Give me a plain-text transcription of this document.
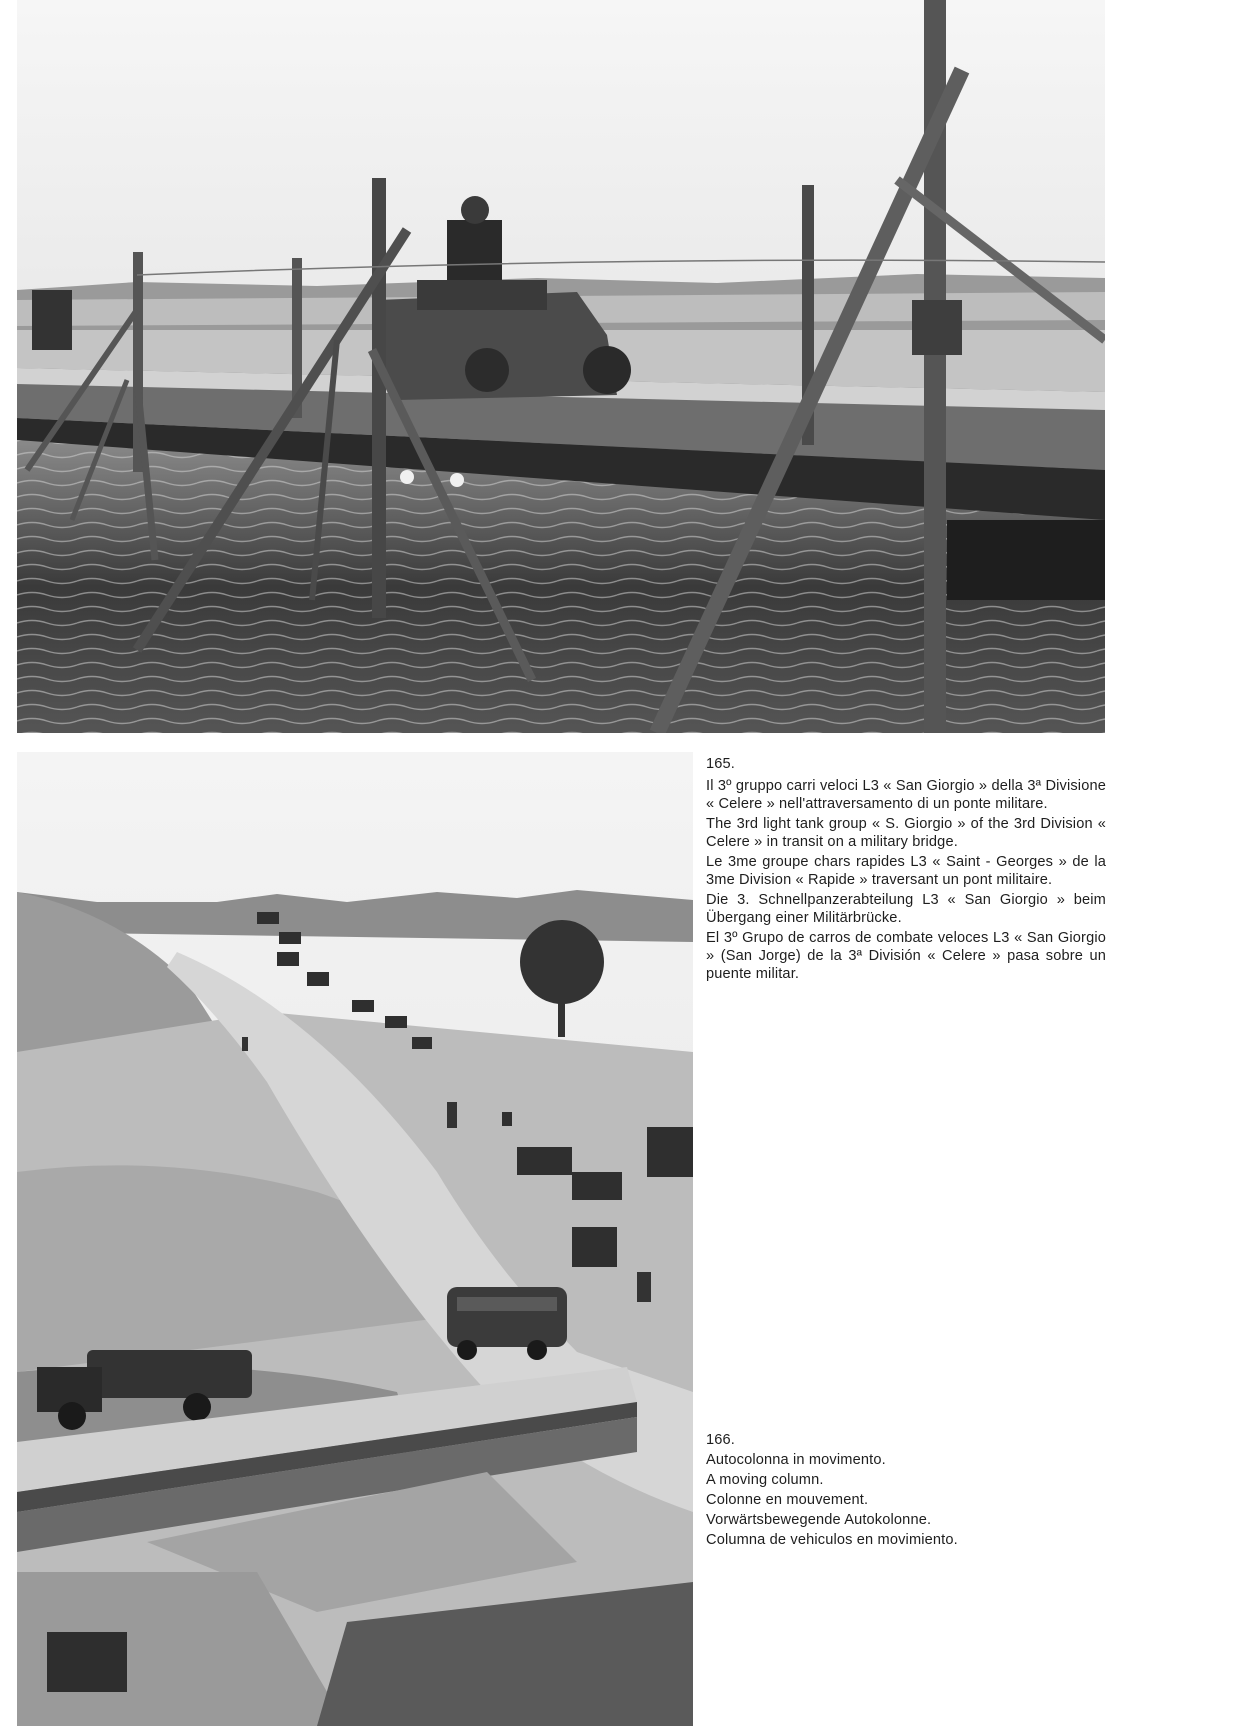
165.

Il 3º gruppo carri veloci L3 « San Giorgio » della 3ª Divisione « Celere » nell'attraversamento di un ponte militare.

The 3rd light tank group « S. Giorgio » of the 3rd Division « Celere » in transit on a military bridge.

Le 3me groupe chars rapides L3 « Saint - Georges » de la 3me Division « Rapide » traversant un pont militaire.

Die 3. Schnellpanzerabteilung L3 « San Giorgio » beim Übergang einer Militärbrücke.

El 3º Grupo de carros de combate veloces L3 « San Giorgio » (San Jorge) de la 3ª División « Celere » pasa sobre un puente militar.

166.

Autocolonna in movimento.

A moving column.

Colonne en mouvement.

Vorwärtsbewegende Autokolonne.

Columna de vehiculos en movimiento.
